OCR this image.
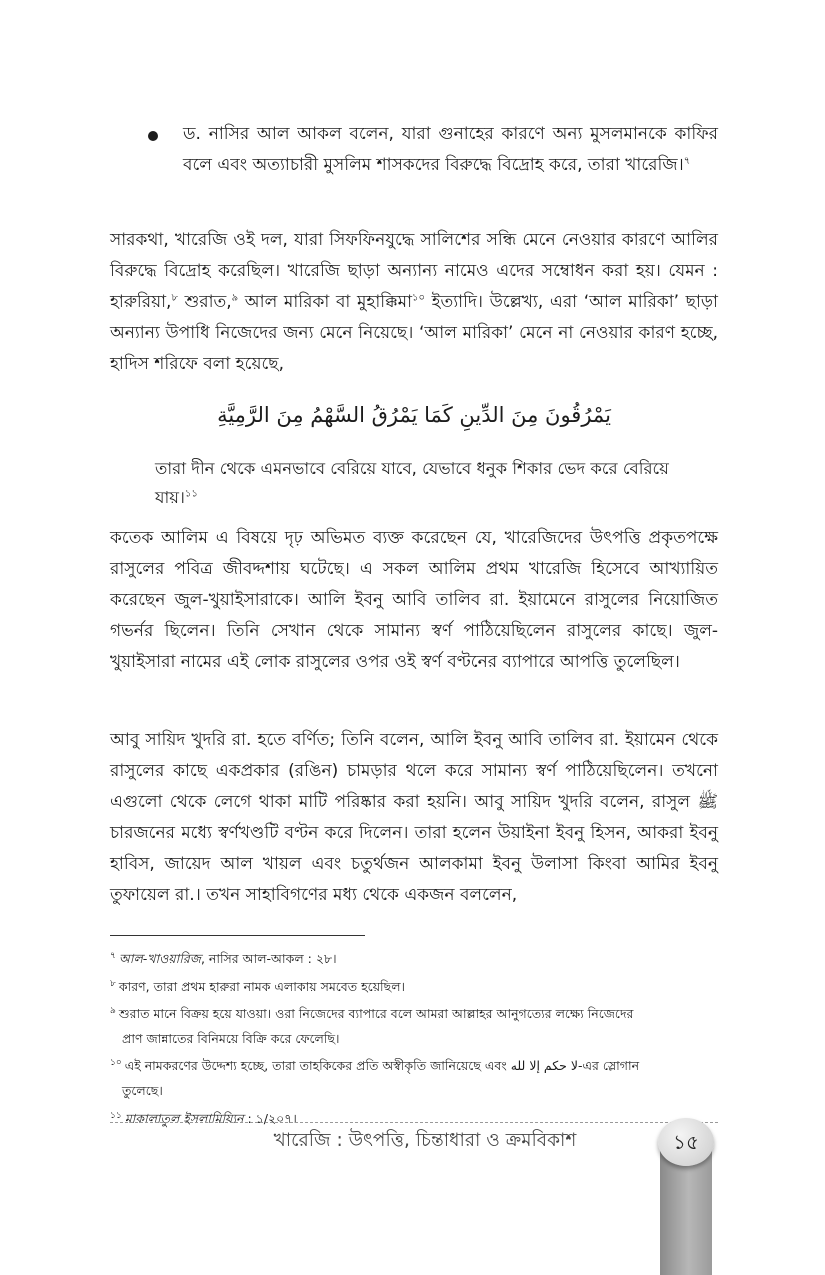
ড. নাসির আল আকল বলেন, যারা গুনাহের কারণে অন্য মুসলমানকে কাফির বলে এবং অত্যাচারী মুসলিম শাসকদের বিরুদ্ধে বিদ্রোহ করে, তারা খারেজি।$^৭$

সারকথা, খারেজি ওই দল, যারা সিফফিনযুদ্ধে সালিশের সন্ধি মেনে নেওয়ার কারণে আলির বিরুদ্ধে বিদ্রোহ করেছিল। খারেজি ছাড়া অন্যান্য নামেও এদের সম্বোধন করা হয়। যেমন : হারুরিয়া,$^৮$ শুরাত,$^৯$ আল মারিকা বা মুহাক্কিমা$^{১০}$ ইত্যাদি। উল্লেখ্য, এরা ‘আল মারিকা’ ছাড়া অন্যান্য উপাধি নিজেদের জন্য মেনে নিয়েছে। ‘আল মারিকা’ মেনে না নেওয়ার কারণ হচ্ছে, হাদিস শরিফে বলা হয়েছে,

يَمْرُقُونَ مِنَ الدِّينِ كَمَا يَمْرُقُ السَّهْمُ مِنَ الرَّمِيَّةِ

তারা দীন থেকে এমনভাবে বেরিয়ে যাবে, যেভাবে ধনুক শিকার ভেদ করে বেরিয়ে যায়।$^{১১}$

কতেক আলিম এ বিষয়ে দৃঢ় অভিমত ব্যক্ত করেছেন যে, খারেজিদের উৎপত্তি প্রকৃতপক্ষে রাসুলের পবিত্র জীবদ্দশায় ঘটেছে। এ সকল আলিম প্রথম খারেজি হিসেবে আখ্যায়িত করেছেন জুল-খুয়াইসারাকে। আলি ইবনু আবি তালিব রা. ইয়ামেনে রাসুলের নিয়োজিত গভর্নর ছিলেন। তিনি সেখান থেকে সামান্য স্বর্ণ পাঠিয়েছিলেন রাসুলের কাছে। জুল-খুয়াইসারা নামের এই লোক রাসুলের ওপর ওই স্বর্ণ বণ্টনের ব্যাপারে আপত্তি তুলেছিল।

আবু সায়িদ খুদরি রা. হতে বর্ণিত; তিনি বলেন, আলি ইবনু আবি তালিব রা. ইয়ামেন থেকে রাসুলের কাছে একপ্রকার (রঙিন) চামড়ার থলে করে সামান্য স্বর্ণ পাঠিয়েছিলেন। তখনো এগুলো থেকে লেগে থাকা মাটি পরিষ্কার করা হয়নি। আবু সায়িদ খুদরি বলেন, রাসুল ﷺ চারজনের মধ্যে স্বর্ণখণ্ডটি বণ্টন করে দিলেন। তারা হলেন উয়াইনা ইবনু হিসন, আকরা ইবনু হাবিস, জায়েদ আল খায়ল এবং চতুর্থজন আলকামা ইবনু উলাসা কিংবা আমির ইবনু তুফায়েল রা.। তখন সাহাবিগণের মধ্য থেকে একজন বললেন,

$^৭$ আল-খাওয়ারিজ, নাসির আল-আকল : ২৮।

$^৮$ কারণ, তারা প্রথম হারুরা নামক এলাকায় সমবেত হয়েছিল।

$^৯$ শুরাত মানে বিক্রয় হয়ে যাওয়া। ওরা নিজেদের ব্যাপারে বলে আমরা আল্লাহর আনুগত্যের লক্ষ্যে নিজেদের

প্রাণ জান্নাতের বিনিময়ে বিক্রি করে ফেলেছি।

$^{১০}$ এই নামকরণের উদ্দেশ্য হচ্ছে, তারা তাহকিকের প্রতি অস্বীকৃতি জানিয়েছে এবং لا حكم إلا لله-এর স্লোগান

তুলেছে।

$^{১১}$ মাকালাতুল ইসলামিয়্যিন : ১/২০৭।

খারেজি : উৎপত্তি, চিন্তাধারা ও ক্রমবিকাশ	১৫
